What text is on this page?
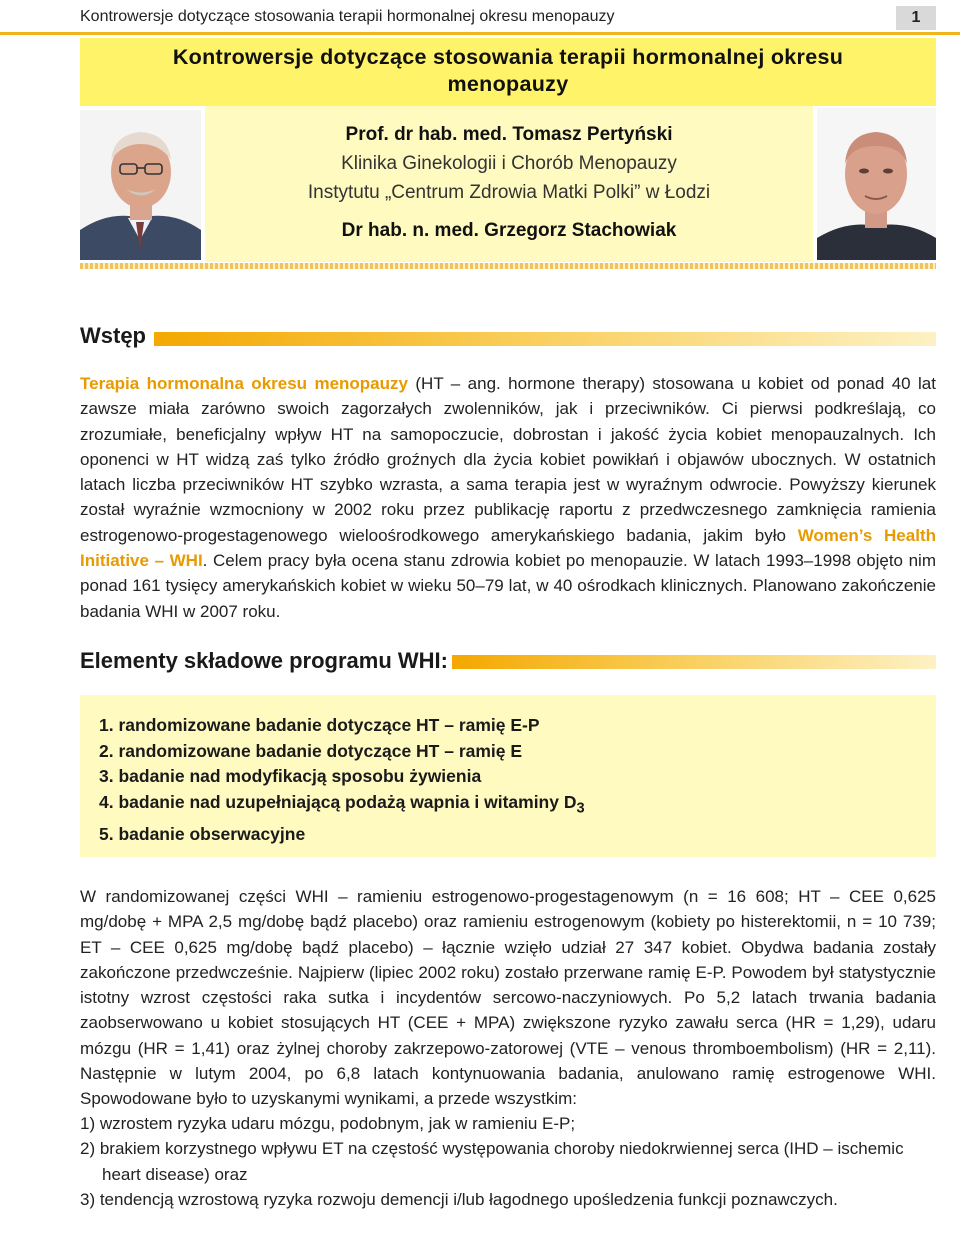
Kontrowersje dotyczące stosowania terapii hormonalnej okresu menopauzy	1
Kontrowersje dotyczące stosowania terapii hormonalnej okresu
menopauzy
Prof. dr hab. med. Tomasz Pertyński
Klinika Ginekologii i Chorób Menopauzy
Instytutu „Centrum Zdrowia Matki Polki” w Łodzi
Dr hab. n. med. Grzegorz Stachowiak
Wstęp
Terapia hormonalna okresu menopauzy (HT – ang. hormone therapy) stosowana u kobiet od ponad 40 lat zawsze miała zarówno swoich zagorzałych zwolenników, jak i przeciwników. Ci pierwsi podkreślają, co zrozumiałe, beneficjalny wpływ HT na samopoczucie, dobrostan i jakość życia kobiet menopauzalnych. Ich oponenci w HT widzą zaś tylko źródło groźnych dla życia kobiet powikłań i objawów ubocznych. W ostatnich latach liczba przeciwników HT szybko wzrasta, a sama terapia jest w wyraźnym odwrocie. Powyższy kierunek został wyraźnie wzmocniony w 2002 roku przez publikację raportu z przedwczesnego zamknięcia ramienia estrogenowo-progestagenowego wieloośrodkowego amerykańskiego badania, jakim było Women’s Health Initiative – WHI. Celem pracy była ocena stanu zdrowia kobiet po menopauzie. W latach 1993–1998 objęto nim ponad 161 tysięcy amerykańskich kobiet w wieku 50–79 lat, w 40 ośrodkach klinicznych. Planowano zakończenie badania WHI w 2007 roku.
Elementy składowe programu WHI:
1. randomizowane badanie dotyczące HT – ramię E-P
2. randomizowane badanie dotyczące HT – ramię E
3. badanie nad modyfikacją sposobu żywienia
4. badanie nad uzupełniającą podażą wapnia i witaminy $D_3$
5. badanie obserwacyjne
W randomizowanej części WHI – ramieniu estrogenowo-progestagenowym (n = 16 608; HT – CEE 0,625 mg/dobę + MPA 2,5 mg/dobę bądź placebo) oraz ramieniu estrogenowym (kobiety po histerektomii, n = 10 739; ET – CEE 0,625 mg/dobę bądź placebo) – łącznie wzięło udział 27 347 kobiet. Obydwa badania zostały zakończone przedwcześnie. Najpierw (lipiec 2002 roku) zostało przerwane ramię E-P. Powodem był statystycznie istotny wzrost częstości raka sutka i incydentów sercowo-naczyniowych. Po 5,2 latach trwania badania zaobserwowano u kobiet stosujących HT (CEE + MPA) zwiększone ryzyko zawału serca (HR = 1,29), udaru mózgu (HR = 1,41) oraz żylnej choroby zakrzepowo-zatorowej (VTE – venous thromboembolism) (HR = 2,11). Następnie w lutym 2004, po 6,8 latach kontynuowania badania, anulowano ramię estrogenowe WHI. Spowodowane było to uzyskanymi wynikami, a przede wszystkim:
1) wzrostem ryzyka udaru mózgu, podobnym, jak w ramieniu E-P;
2) brakiem korzystnego wpływu ET na częstość występowania choroby niedokrwiennej serca (IHD – ischemic heart disease) oraz
3) tendencją wzrostową ryzyka rozwoju demencji i/lub łagodnego upośledzenia funkcji poznawczych.
